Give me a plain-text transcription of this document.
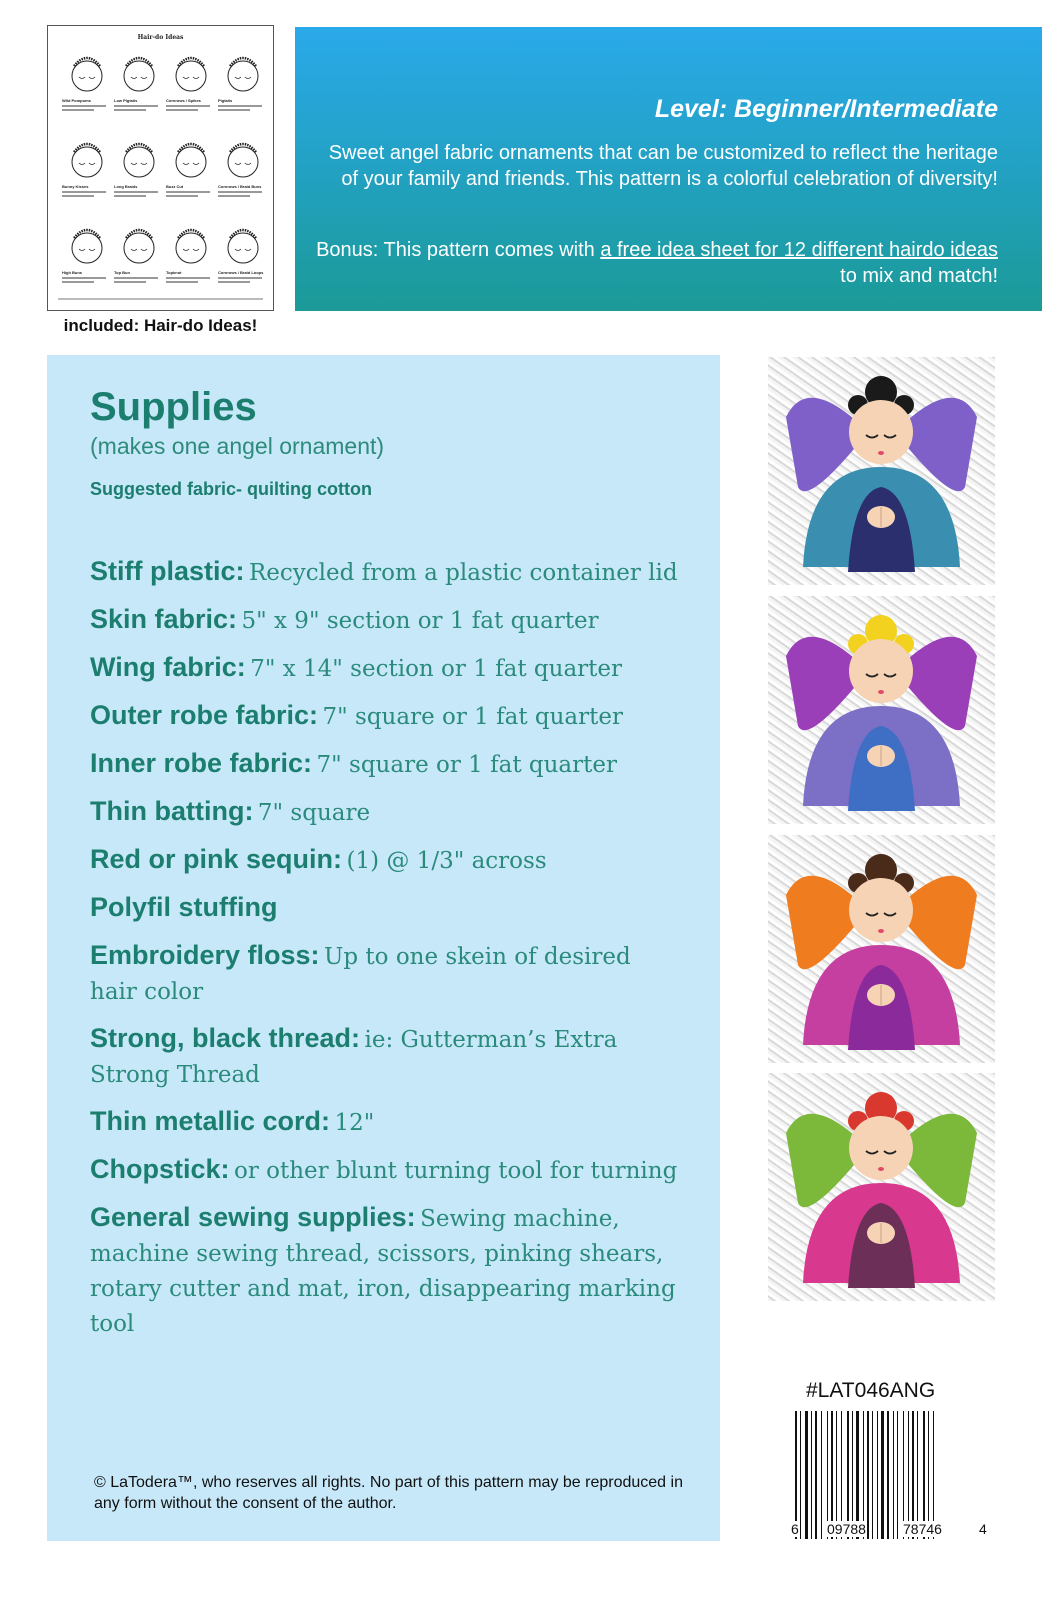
Hair-do Ideas
Wild Pompoms	Low Pigtails	Cornrows / Spikes	Pigtails
Bunny Kisses	Long Braids	Buzz Cut	Cornrows / Braid Buns
High Buns	Top Bun	Topknot	Cornrows / Braid Loops
included: Hair-do Ideas!
Level: Beginner/Intermediate
Sweet angel fabric ornaments that can be customized to reflect the heritage of your family and friends. This pattern is a colorful celebration of diversity!
Bonus: This pattern comes with a free idea sheet for 12 different hairdo ideas to mix and match!
Supplies
(makes one angel ornament)
Suggested fabric- quilting cotton
Stiff plastic: Recycled from a plastic container lid
Skin fabric: 5" x 9" section or 1 fat quarter
Wing fabric: 7" x 14" section or 1 fat quarter
Outer robe fabric: 7" square or 1 fat quarter
Inner robe fabric: 7" square or 1 fat quarter
Thin batting: 7" square
Red or pink sequin: (1) @ 1/3" across
Polyfil stuffing
Embroidery floss: Up to one skein of desired hair color
Strong, black thread: ie: Gutterman’s Extra Strong Thread
Thin metallic cord: 12"
Chopstick: or other blunt turning tool for turning
General sewing supplies: Sewing machine, machine sewing thread, scissors, pinking shears, rotary cutter and mat, iron, disappearing marking tool
© LaTodera™, who reserves all rights. No part of this pattern may be reproduced in any form without the consent of the author.
#LAT046ANG
6 09788	78746	4
